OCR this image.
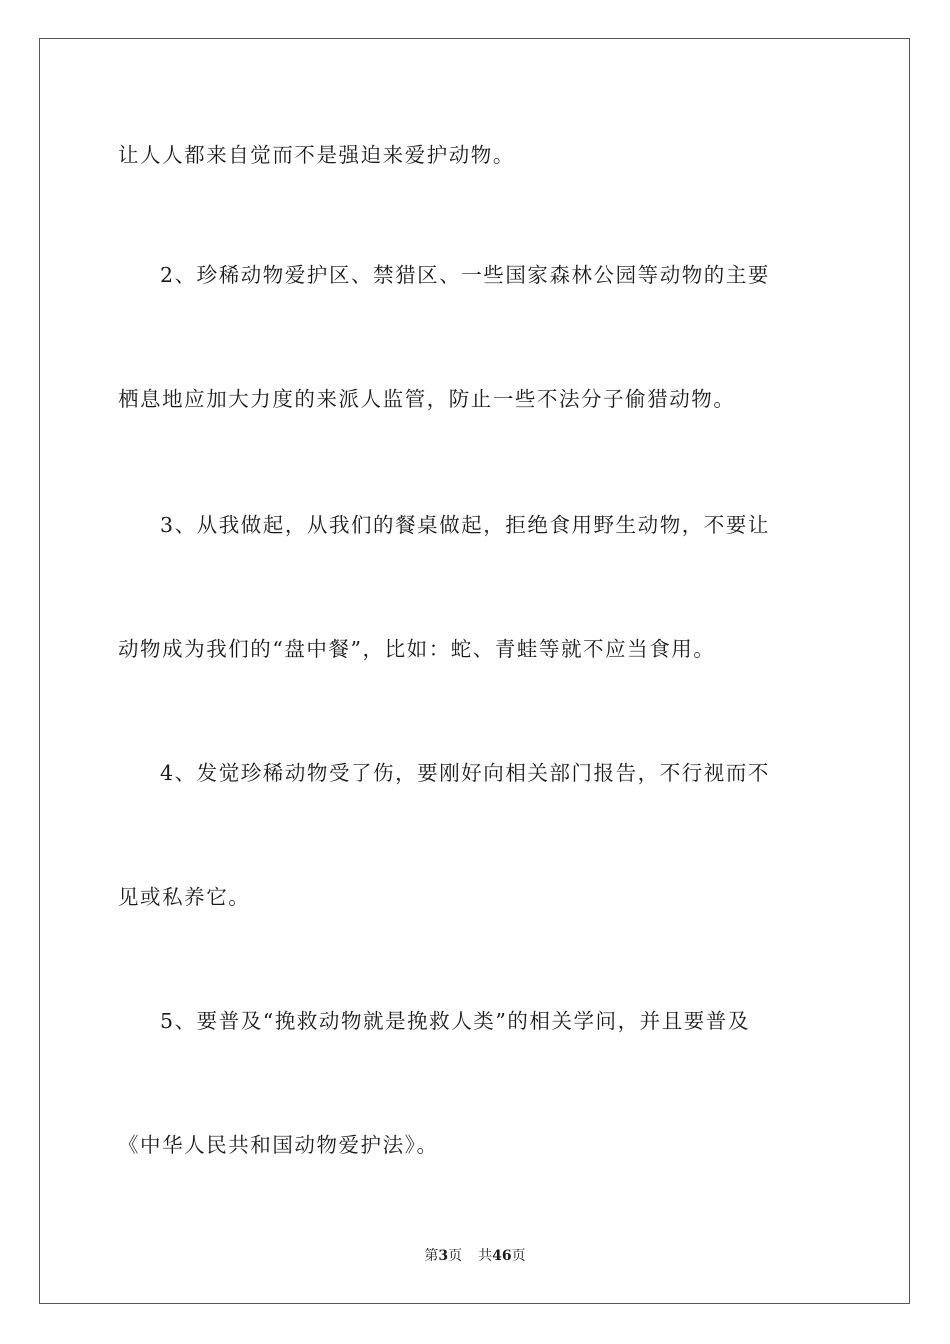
让人人都来自觉而不是强迫来爱护动物。
2、珍稀动物爱护区、禁猎区、一些国家森林公园等动物的主要
栖息地应加大力度的来派人监管，防止一些不法分子偷猎动物。
3、从我做起，从我们的餐桌做起，拒绝食用野生动物，不要让
动物成为我们的“盘中餐”，比如：蛇、青蛙等就不应当食用。
4、发觉珍稀动物受了伤，要刚好向相关部门报告，不行视而不
见或私养它。
5、要普及“挽救动物就是挽救人类”的相关学问，并且要普及
《中华人民共和国动物爱护法》。
第3页 共46页
